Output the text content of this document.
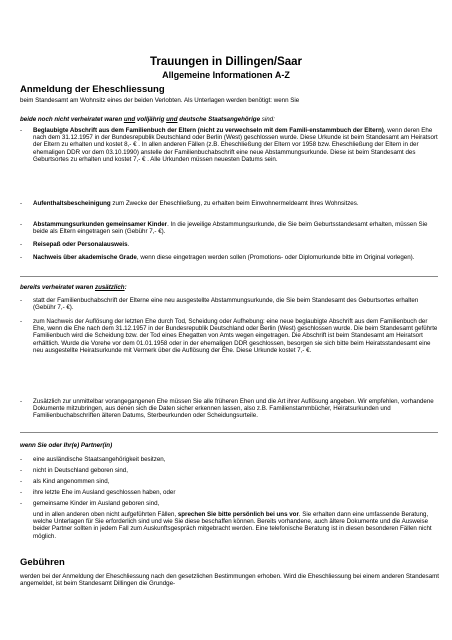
Trauungen in Dillingen/Saar
Allgemeine Informationen A-Z
Anmeldung der Eheschliessung
beim Standesamt am Wohnsitz eines der beiden Verlobten. Als Unterlagen werden benötigt: wenn Sie
beide noch nicht verheiratet waren und volljährig und deutsche Staatsangehörige sind:
- Beglaubigte Abschrift aus dem Familienbuch der Eltern (nicht zu verwechseln mit dem Famili-enstammbuch der Eltern), wenn deren Ehe nach dem 31.12.1957 in der Bundesrepublik Deutschland oder Berlin (West) geschlossen wurde. Diese Urkunde ist beim Standesamt am Heiratsort der Eltern zu erhalten und kostet 8,- € . In allen anderen Fällen (z.B. Eheschließung der Eltern vor 1958 bzw. Eheschließung der Eltern in der ehemaligen DDR vor dem 03.10.1990) anstelle der Familienbuchabschrift eine neue Abstammungsurkunde. Diese ist beim Standesamt des Geburtsortes zu erhalten und kostet 7,- € . Alle Urkunden müssen neuesten Datums sein.
- Aufenthaltsbescheinigung zum Zwecke der Eheschließung, zu erhalten beim Einwohnermeldeamt Ihres Wohnsitzes.
- Abstammungsurkunden gemeinsamer Kinder. In die jeweilige Abstammungsurkunde, die Sie beim Geburtsstandesamt erhalten, müssen Sie beide als Eltern eingetragen sein (Gebühr 7,- €).
- Reisepaß oder Personalausweis.
- Nachweis über akademische Grade, wenn diese eingetragen werden sollen (Promotions- oder Diplomurkunde bitte im Original vorlegen).
bereits verheiratet waren zusätzlich:
- statt der Familienbuchabschrift der Elterne eine neu ausgestellte Abstammungsurkunde, die Sie beim Standesamt des Geburtsortes erhalten (Gebühr 7,- €).
- zum Nachweis der Auflösung der letzten Ehe durch Tod, Scheidung oder Aufhebung: eine neue beglaubigte Abschrift aus dem Familienbuch der Ehe, wenn die Ehe nach dem 31.12.1957 in der Bundesrepublik Deutschland oder Berlin (West) geschlossen wurde. Die beim Standesamt geführte Familienbuch wird die Scheidung bzw. der Tod eines Ehegatten von Amts wegen eingetragen. Die Abschrift ist beim Standesamt am Heiratsort erhältlich. Wurde die Vorehe vor dem 01.01.1958 oder in der ehemaligen DDR geschlossen, besorgen sie sich bitte beim Heiratsstandesamt eine neu ausgestellte Heiratsurkunde mit Vermerk über die Auflösung der Ehe. Diese Urkunde kostet 7,- €.
- Zusätzlich zur unmittelbar vorangegangenen Ehe müssen Sie alle früheren Ehen und die Art ihrer Auflösung angeben. Wir empfehlen, vorhandene Dokumente mitzubringen, aus denen sich die Daten sicher erkennen lassen, also z.B. Familienstammbücher, Heiratsurkunden und Familienbuchabschriften älteren Datums, Sterbeurkunden oder Scheidungsurteile.
wenn Sie oder Ihr(e) Partner(in)
- eine ausländische Staatsangehörigkeit besitzen,
- nicht in Deutschland geboren sind,
- als Kind angenommen sind,
- ihre letzte Ehe im Ausland geschlossen haben, oder
- gemeinsame Kinder im Ausland geboren sind,
und in allen anderen oben nicht aufgeführten Fällen, sprechen Sie bitte persönlich bei uns vor. Sie erhalten dann eine umfassende Beratung, welche Unterlagen für Sie erforderlich sind und wie Sie diese beschaffen können. Bereits vorhandene, auch ältere Dokumente und die Ausweise beider Partner sollten in jedem Fall zum Auskunftsgespräch mitgebracht werden. Eine telefonische Beratung ist in diesen besonderen Fällen nicht möglich.
Gebühren
werden bei der Anmeldung der Eheschliessung nach den gesetzlichen Bestimmungen erhoben. Wird die Eheschliessung bei einem anderen Standesamt angemeldet, ist beim Standesamt Dillingen die Grundge-
